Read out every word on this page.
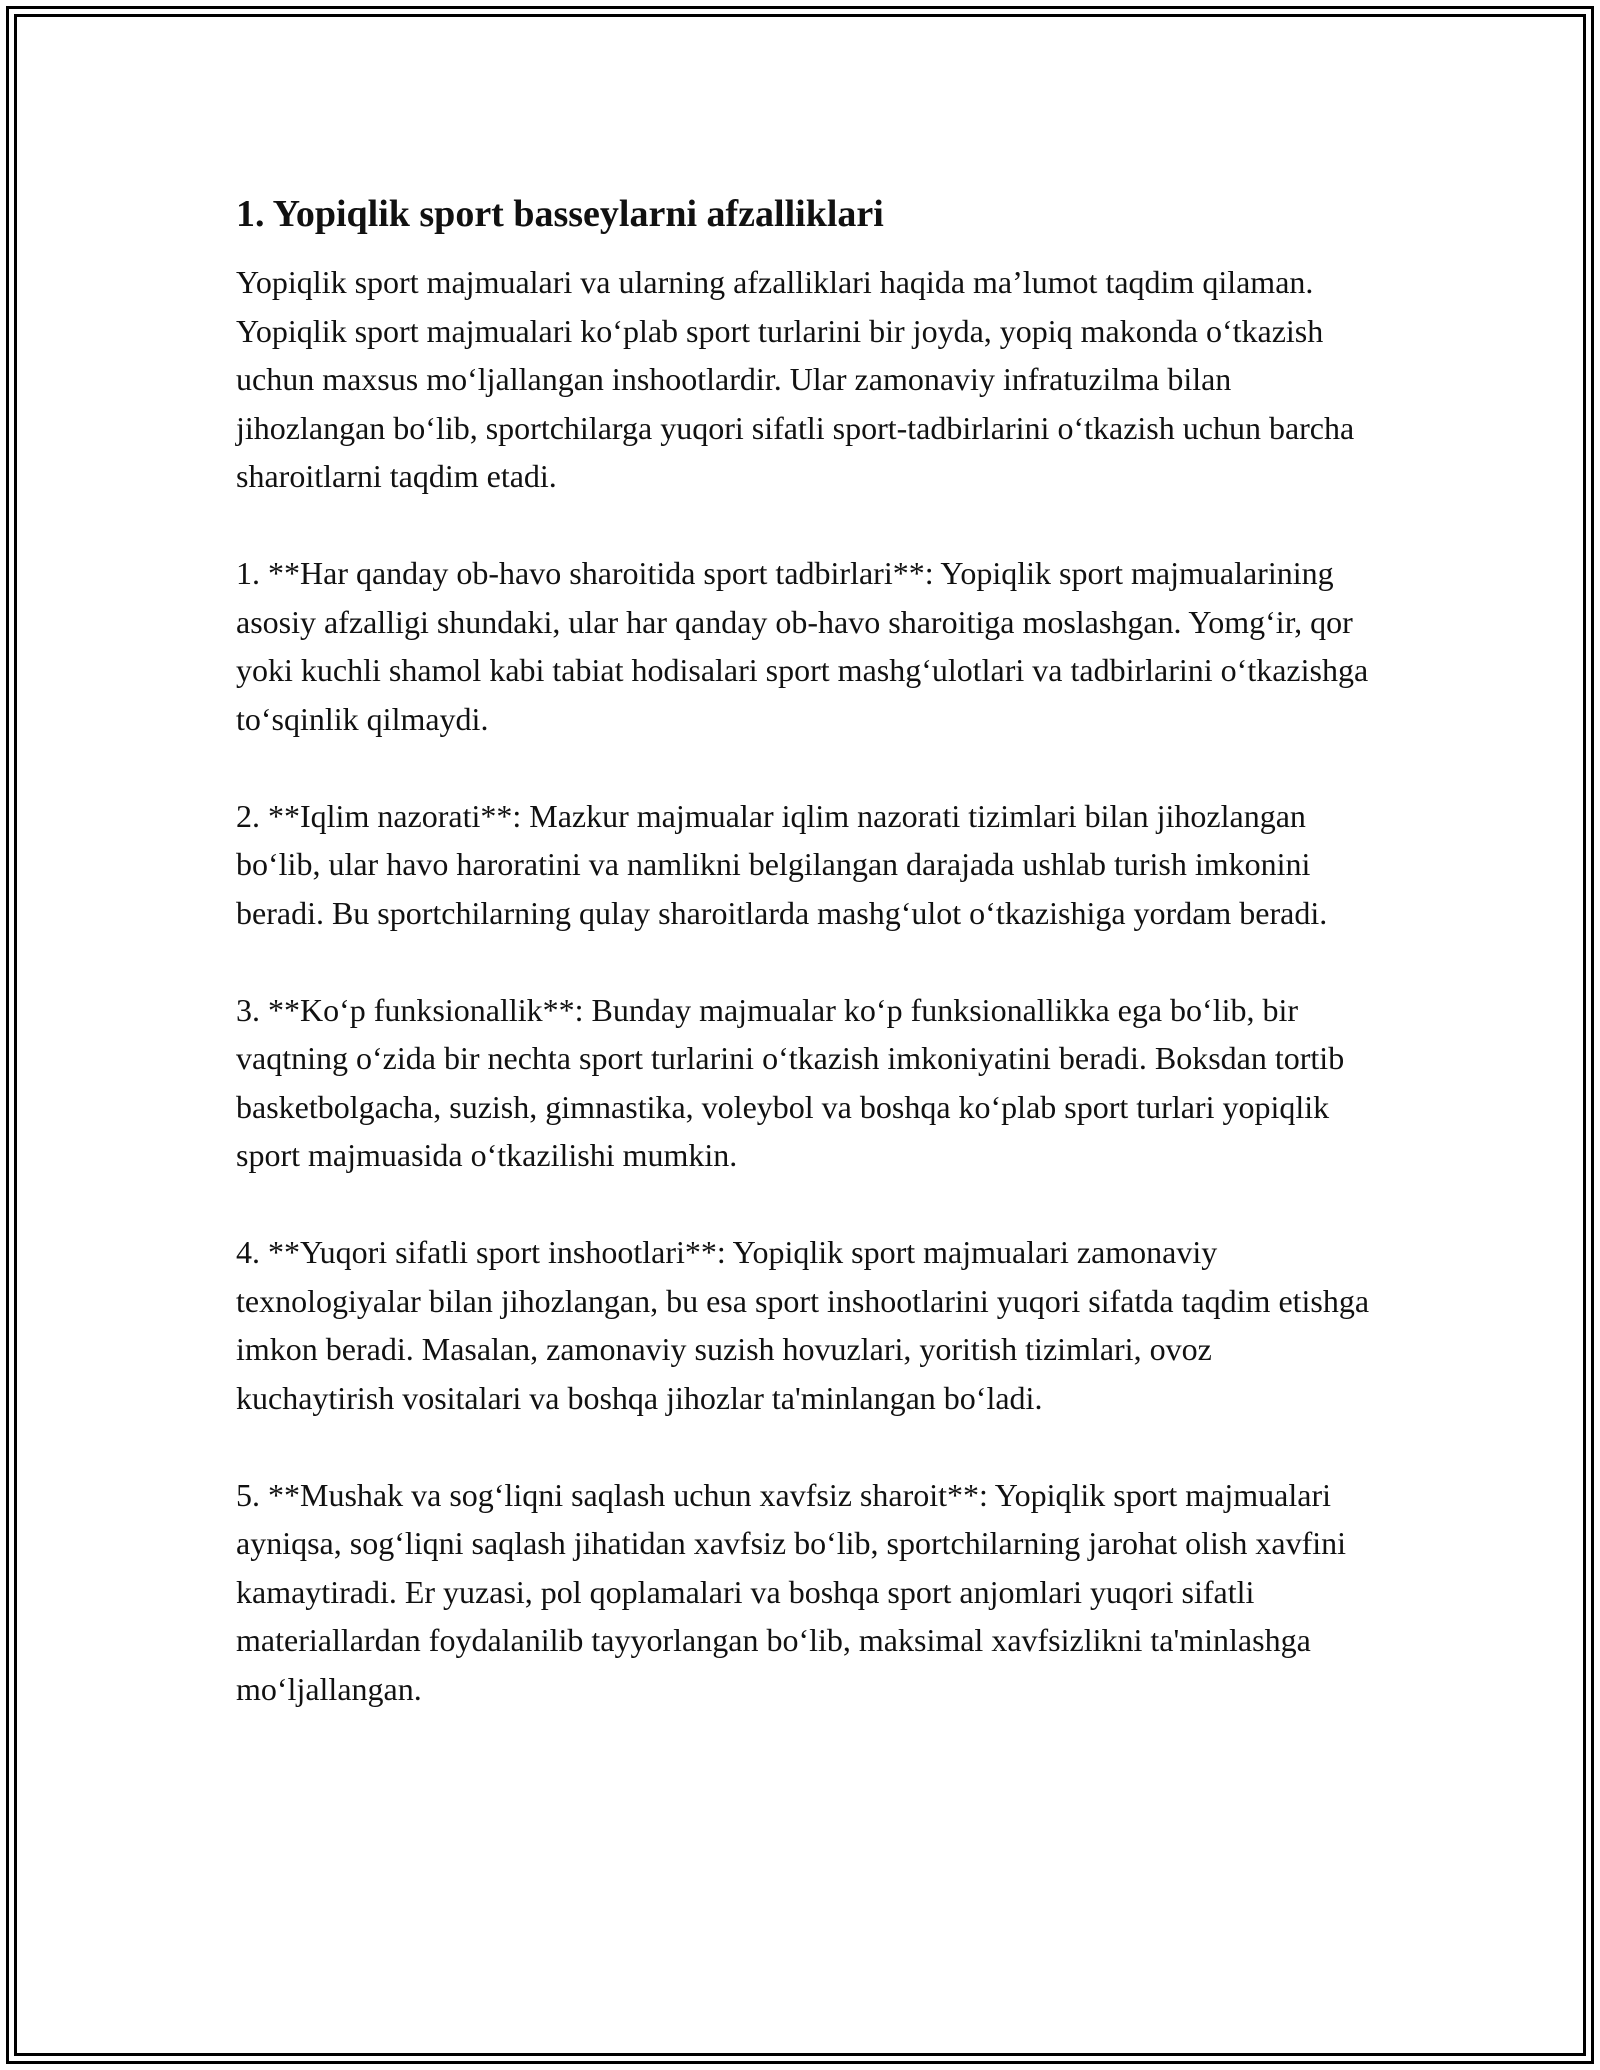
1. Yopiqlik sport basseylarni afzalliklari

Yopiqlik sport majmualari va ularning afzalliklari haqida ma’lumot taqdim qilaman. Yopiqlik sport majmualari ko‘plab sport turlarini bir joyda, yopiq makonda o‘tkazish uchun maxsus mo‘ljallangan inshootlardir. Ular zamonaviy infratuzilma bilan jihozlangan bo‘lib, sportchilarga yuqori sifatli sport-tadbirlarini o‘tkazish uchun barcha sharoitlarni taqdim etadi.

1. **Har qanday ob-havo sharoitida sport tadbirlari**: Yopiqlik sport majmualarining asosiy afzalligi shundaki, ular har qanday ob-havo sharoitiga moslashgan. Yomg‘ir, qor yoki kuchli shamol kabi tabiat hodisalari sport mashg‘ulotlari va tadbirlarini o‘tkazishga to‘sqinlik qilmaydi.

2. **Iqlim nazorati**: Mazkur majmualar iqlim nazorati tizimlari bilan jihozlangan bo‘lib, ular havo haroratini va namlikni belgilangan darajada ushlab turish imkonini beradi. Bu sportchilarning qulay sharoitlarda mashg‘ulot o‘tkazishiga yordam beradi.

3. **Ko‘p funksionallik**: Bunday majmualar ko‘p funksionallikka ega bo‘lib, bir vaqtning o‘zida bir nechta sport turlarini o‘tkazish imkoniyatini beradi. Boksdan tortib basketbolgacha, suzish, gimnastika, voleybol va boshqa ko‘plab sport turlari yopiqlik sport majmuasida o‘tkazilishi mumkin.

4. **Yuqori sifatli sport inshootlari**: Yopiqlik sport majmualari zamonaviy texnologiyalar bilan jihozlangan, bu esa sport inshootlarini yuqori sifatda taqdim etishga imkon beradi. Masalan, zamonaviy suzish hovuzlari, yoritish tizimlari, ovoz kuchaytirish vositalari va boshqa jihozlar ta'minlangan bo‘ladi.

5. **Mushak va sog‘liqni saqlash uchun xavfsiz sharoit**: Yopiqlik sport majmualari ayniqsa, sog‘liqni saqlash jihatidan xavfsiz bo‘lib, sportchilarning jarohat olish xavfini kamaytiradi. Er yuzasi, pol qoplamalari va boshqa sport anjomlari yuqori sifatli materiallardan foydalanilib tayyorlangan bo‘lib, maksimal xavfsizlikni ta'minlashga mo‘ljallangan.
